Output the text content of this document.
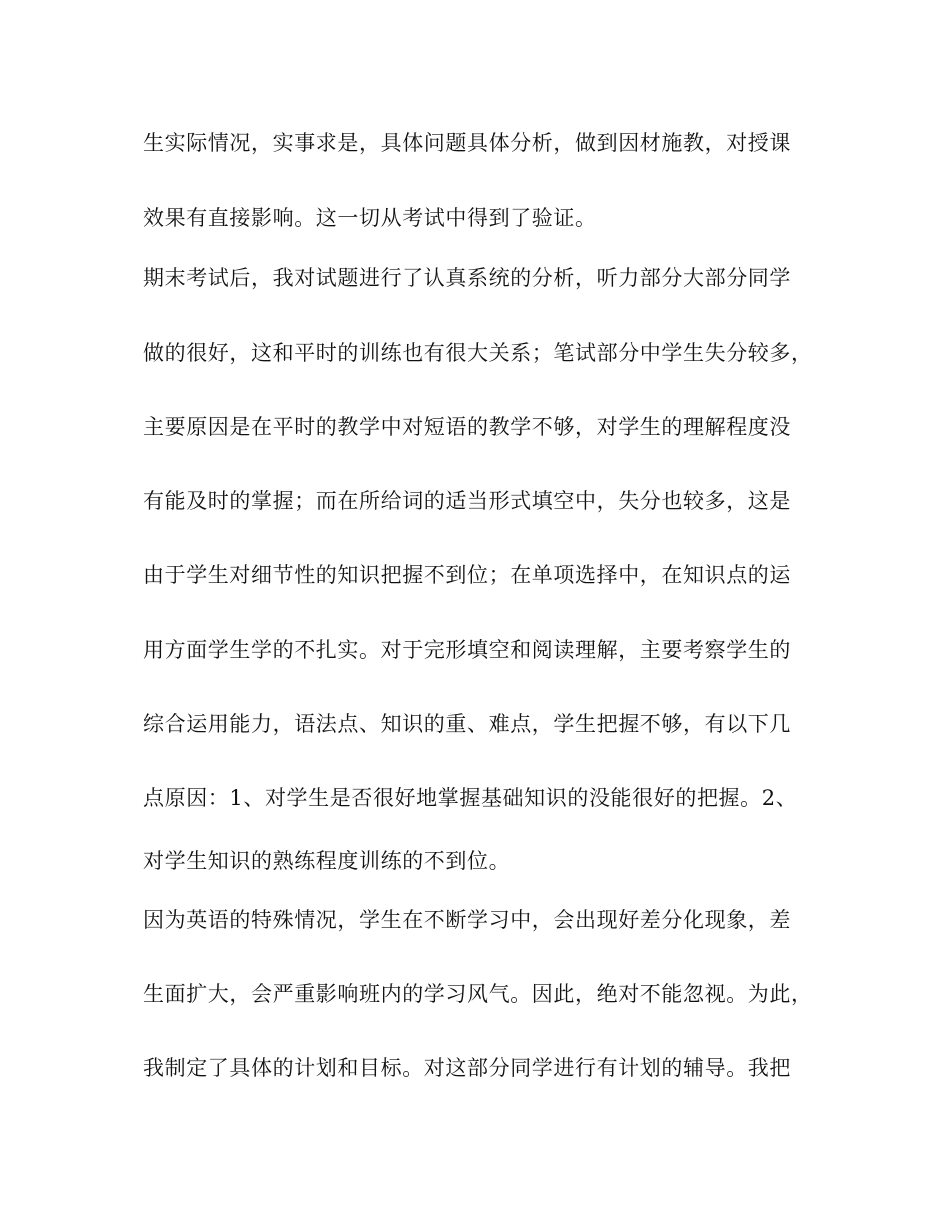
生实际情况，实事求是，具体问题具体分析，做到因材施教，对授课
效果有直接影响。这一切从考试中得到了验证。
期末考试后，我对试题进行了认真系统的分析，听力部分大部分同学
做的很好，这和平时的训练也有很大关系；笔试部分中学生失分较多，
主要原因是在平时的教学中对短语的教学不够，对学生的理解程度没
有能及时的掌握；而在所给词的适当形式填空中，失分也较多，这是
由于学生对细节性的知识把握不到位；在单项选择中，在知识点的运
用方面学生学的不扎实。对于完形填空和阅读理解，主要考察学生的
综合运用能力，语法点、知识的重、难点，学生把握不够，有以下几
点原因：1、对学生是否很好地掌握基础知识的没能很好的把握。2、
对学生知识的熟练程度训练的不到位。
因为英语的特殊情况，学生在不断学习中，会出现好差分化现象，差
生面扩大，会严重影响班内的学习风气。因此，绝对不能忽视。为此，
我制定了具体的计划和目标。对这部分同学进行有计划的辅导。我把
